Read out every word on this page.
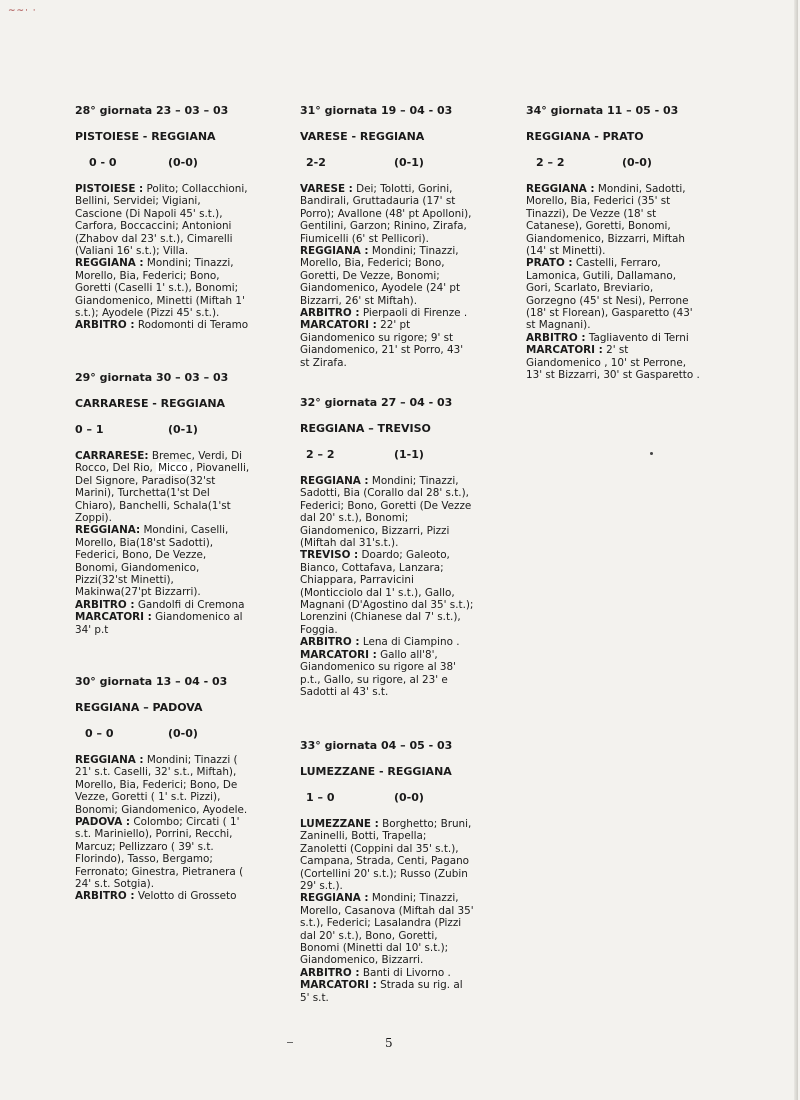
~~· ·
28° giornata 23 – 03 – 03
PISTOIESE - REGGIANA
0 - 0	(0-0)
PISTOIESE : Polito; Collacchioni,
Bellini, Servidei; Vigiani,
Cascione (Di Napoli 45' s.t.),
Carfora, Boccaccini; Antonioni
(Zhabov dal 23' s.t.), Cimarelli
(Valiani 16' s.t.); Villa.
REGGIANA : Mondini; Tinazzi,
Morello, Bia, Federici; Bono,
Goretti (Caselli 1' s.t.), Bonomi;
Giandomenico, Minetti (Miftah 1'
s.t.); Ayodele (Pizzi 45' s.t.).
ARBITRO : Rodomonti di Teramo
29° giornata 30 – 03 – 03
CARRARESE - REGGIANA
0 – 1	(0-1)
CARRARESE: Bremec, Verdi, Di
Rocco, Del Rio, Micco , Piovanelli,
Del Signore, Paradiso(32'st
Marini), Turchetta(1'st Del
Chiaro), Banchelli, Schala(1'st
Zoppi).
REGGIANA: Mondini, Caselli,
Morello, Bia(18'st Sadotti),
Federici, Bono, De Vezze,
Bonomi, Giandomenico,
Pizzi(32'st Minetti),
Makinwa(27'pt Bizzarri).
ARBITRO : Gandolfi di Cremona
MARCATORI : Giandomenico al
34' p.t
30° giornata 13 – 04 - 03
REGGIANA – PADOVA
0 – 0	(0-0)
REGGIANA : Mondini; Tinazzi (
21' s.t. Caselli, 32' s.t., Miftah),
Morello, Bia, Federici; Bono, De
Vezze, Goretti ( 1' s.t. Pizzi),
Bonomi; Giandomenico, Ayodele.
PADOVA : Colombo; Circati ( 1'
s.t. Mariniello), Porrini, Recchi,
Marcuz; Pellizzaro ( 39' s.t.
Florindo), Tasso, Bergamo;
Ferronato; Ginestra, Pietranera (
24' s.t. Sotgia).
ARBITRO : Velotto di Grosseto
31° giornata 19 – 04 - 03
VARESE - REGGIANA
2-2	(0-1)
VARESE : Dei; Tolotti, Gorini,
Bandirali, Gruttadauria (17' st
Porro); Avallone (48' pt Apolloni),
Gentilini, Garzon; Rinino, Zirafa,
Fiumicelli (6' st Pellicori).
REGGIANA : Mondini; Tinazzi,
Morello, Bia, Federici; Bono,
Goretti, De Vezze, Bonomi;
Giandomenico, Ayodele (24' pt
Bizzarri, 26' st Miftah).
ARBITRO : Pierpaoli di Firenze .
MARCATORI : 22' pt
Giandomenico su rigore; 9' st
Giandomenico, 21' st Porro, 43'
st Zirafa.
32° giornata 27 – 04 - 03
REGGIANA – TREVISO
2 – 2	(1-1)
REGGIANA : Mondini; Tinazzi,
Sadotti, Bia (Corallo dal 28' s.t.),
Federici; Bono, Goretti (De Vezze
dal 20' s.t.), Bonomi;
Giandomenico, Bizzarri, Pizzi
(Miftah dal 31's.t.).
TREVISO : Doardo; Galeoto,
Bianco, Cottafava, Lanzara;
Chiappara, Parravicini
(Monticciolo dal 1' s.t.), Gallo,
Magnani (D'Agostino dal 35' s.t.);
Lorenzini (Chianese dal 7' s.t.),
Foggia.
ARBITRO : Lena di Ciampino .
MARCATORI : Gallo all'8',
Giandomenico su rigore al 38'
p.t., Gallo, su rigore, al 23' e
Sadotti al 43' s.t.
33° giornata 04 – 05 - 03
LUMEZZANE - REGGIANA
1 – 0	(0-0)
LUMEZZANE : Borghetto; Bruni,
Zaninelli, Botti, Trapella;
Zanoletti (Coppini dal 35' s.t.),
Campana, Strada, Centi, Pagano
(Cortellini 20' s.t.); Russo (Zubin
29' s.t.).
REGGIANA : Mondini; Tinazzi,
Morello, Casanova (Miftah dal 35'
s.t.), Federici; Lasalandra (Pizzi
dal 20' s.t.), Bono, Goretti,
Bonomi (Minetti dal 10' s.t.);
Giandomenico, Bizzarri.
ARBITRO : Banti di Livorno .
MARCATORI : Strada su rig. al
5' s.t.
34° giornata 11 – 05 - 03
REGGIANA - PRATO
2 – 2	(0-0)
REGGIANA : Mondini, Sadotti,
Morello, Bia, Federici (35' st
Tinazzi), De Vezze (18' st
Catanese), Goretti, Bonomi,
Giandomenico, Bizzarri, Miftah
(14' st Minetti).
PRATO : Castelli, Ferraro,
Lamonica, Gutili, Dallamano,
Gori, Scarlato, Breviario,
Gorzegno (45' st Nesi), Perrone
(18' st Florean), Gasparetto (43'
st Magnani).
ARBITRO : Tagliavento di Terni
MARCATORI : 2' st
Giandomenico , 10' st Perrone,
13' st Bizzarri, 30' st Gasparetto .
5
